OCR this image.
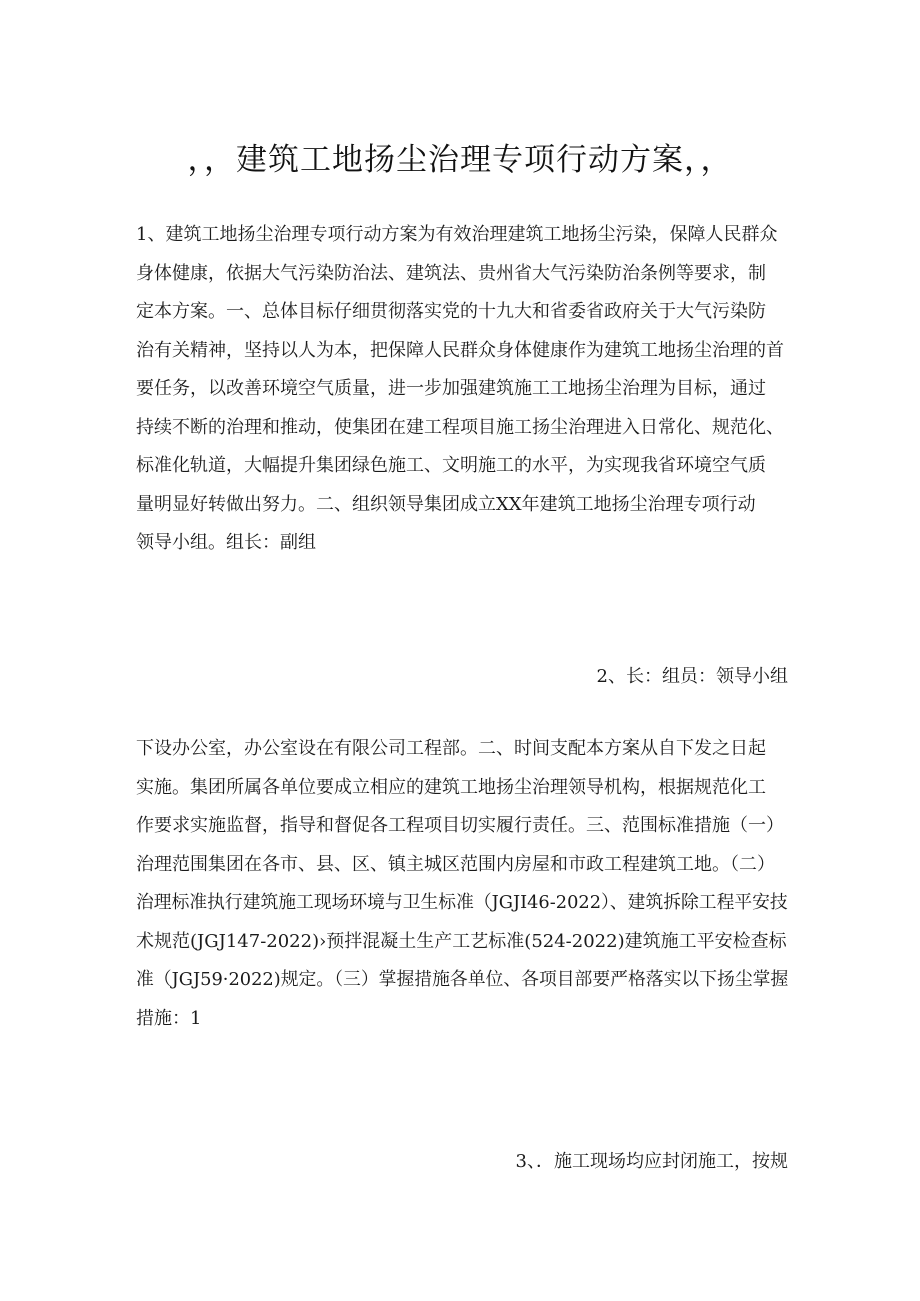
，，建筑工地扬尘治理专项行动方案，，
1、建筑工地扬尘治理专项行动方案为有效治理建筑工地扬尘污染，保障人民群众
身体健康，依据大气污染防治法、建筑法、贵州省大气污染防治条例等要求，制
定本方案。一、总体目标仔细贯彻落实党的十九大和省委省政府关于大气污染防
治有关精神，坚持以人为本，把保障人民群众身体健康作为建筑工地扬尘治理的首
要任务，以改善环境空气质量，进一步加强建筑施工工地扬尘治理为目标，通过
持续不断的治理和推动，使集团在建工程项目施工扬尘治理进入日常化、规范化、
标准化轨道，大幅提升集团绿色施工、文明施工的水平，为实现我省环境空气质
量明显好转做出努力。二、组织领导集团成立XX年建筑工地扬尘治理专项行动
领导小组。组长：副组
2、长：组员：领导小组
下设办公室，办公室设在有限公司工程部。二、时间支配本方案从自下发之日起
实施。集团所属各单位要成立相应的建筑工地扬尘治理领导机构，根据规范化工
作要求实施监督，指导和督促各工程项目切实履行责任。三、范围标准措施（一）
治理范围集团在各市、县、区、镇主城区范围内房屋和市政工程建筑工地。（二）
治理标准执行建筑施工现场环境与卫生标准（JGJI46-2022）、建筑拆除工程平安技
术规范(JGJ147-2022)›预拌混凝土生产工艺标准(524-2022)建筑施工平安检查标
准（JGJ59·2022)规定。（三）掌握措施各单位、各项目部要严格落实以下扬尘掌握
措施：1
3、．施工现场均应封闭施工，按规
